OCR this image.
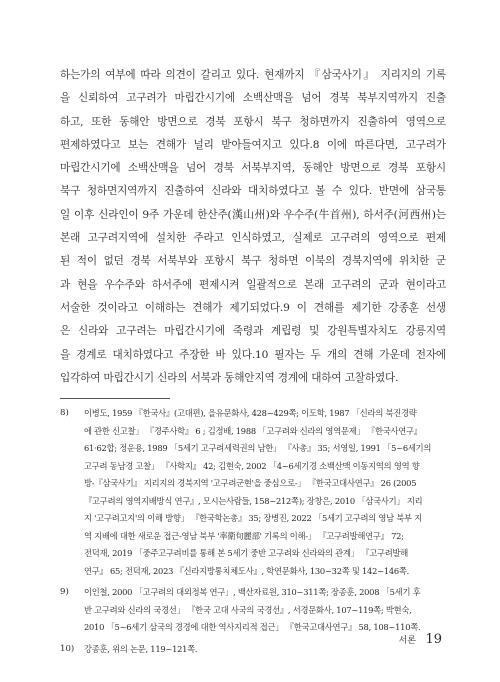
하는가의 여부에 따라 의견이 갈리고 있다. 현재까지 『삼국사기』 지리지의 기록
을 신뢰하여 고구려가 마립간시기에 소백산맥을 넘어 경북 북부지역까지 진출
하고, 또한 동해안 방면으로 경북 포항시 북구 청하면까지 진출하여 영역으로
편제하였다고 보는 견해가 널리 받아들여지고 있다.8 이에 따른다면, 고구려가
마립간시기에 소백산맥을 넘어 경북 서북부지역, 동해안 방면으로 경북 포항시
북구 청하면지역까지 진출하여 신라와 대치하였다고 볼 수 있다. 반면에 삼국통
일 이후 신라인이 9주 가운데 한산주(漢山州)와 우수주(牛首州), 하서주(河西州)는
본래 고구려지역에 설치한 주라고 인식하였고, 실제로 고구려의 영역으로 편제
된 적이 없던 경북 서북부와 포항시 북구 청하면 이북의 경북지역에 위치한 군
과 현을 우수주와 하서주에 편제시켜 일괄적으로 본래 고구려의 군과 현이라고
서술한 것이라고 이해하는 견해가 제기되었다.9 이 견해를 제기한 강종훈 선생
은 신라와 고구려는 마립간시기에 죽령과 계립령 및 강원특별자치도 강릉지역
을 경계로 대치하였다고 주장한 바 있다.10 필자는 두 개의 견해 가운데 전자에
입각하여 마립간시기 신라의 서북과 동해안지역 경계에 대하여 고찰하였다.
8) 이병도, 1959 『한국사』(고대편), 을유문화사, 428~429쪽; 이도학, 1987 「신라의 북진경략
에 관한 신고찰」 『경주사학』 6 ; 김정배, 1988 「고구려와 신라의 영역문제」 『한국사연구』
61·62합; 정운용, 1989 「5세기 고구려세력권의 남한」 『사총』 35; 서영일, 1991 「5~6세기의
고구려 동남경 고찰」 『사학지』 42; 김현숙, 2002 「4~6세기경 소백산맥 이동지역의 영역 향
방-『삼국사기』 지리지의 경북지역 '고구려군현'을 중심으로-」 『한국고대사연구』 26 (2005
『고구려의 영역지배방식 연구』, 모시는사람들, 158~212쪽); 장창은, 2010 「삼국사기」 지리
지 '고구려고지'의 이해 방향」 『한국학논총』 35; 장병진, 2022 「5세기 고구려의 영남 북부 지
역 지배에 대한 새로운 접근-영남 북부 '率衛旬麗部' 기록의 이해-」 『고구려발해연구』 72;
전덕재, 2019 「중주고구려비를 통해 본 5세기 중반 고구려와 신라와의 관계」 『고구려발해
연구』 65; 전덕재, 2023 『신라지방통치체도사』, 학연문화사, 130~32쪽 및 142~146쪽.
9) 이인철, 2000 「고구려의 대외정복 연구」, 백산자료원, 310~311쪽; 장종훈, 2008 「5세기 후
반 고구려와 신라의 국경선」 『한국 고대 사국의 국경선』, 서경문화사, 107~119쪽; 박현숙,
2010 「5~6세기 삼국의 경경에 대한 역사지리적 접근」 『한국고대사연구』 58, 108~110쪽.
10) 강종훈, 위의 논문, 119~121쪽.
서론 19
